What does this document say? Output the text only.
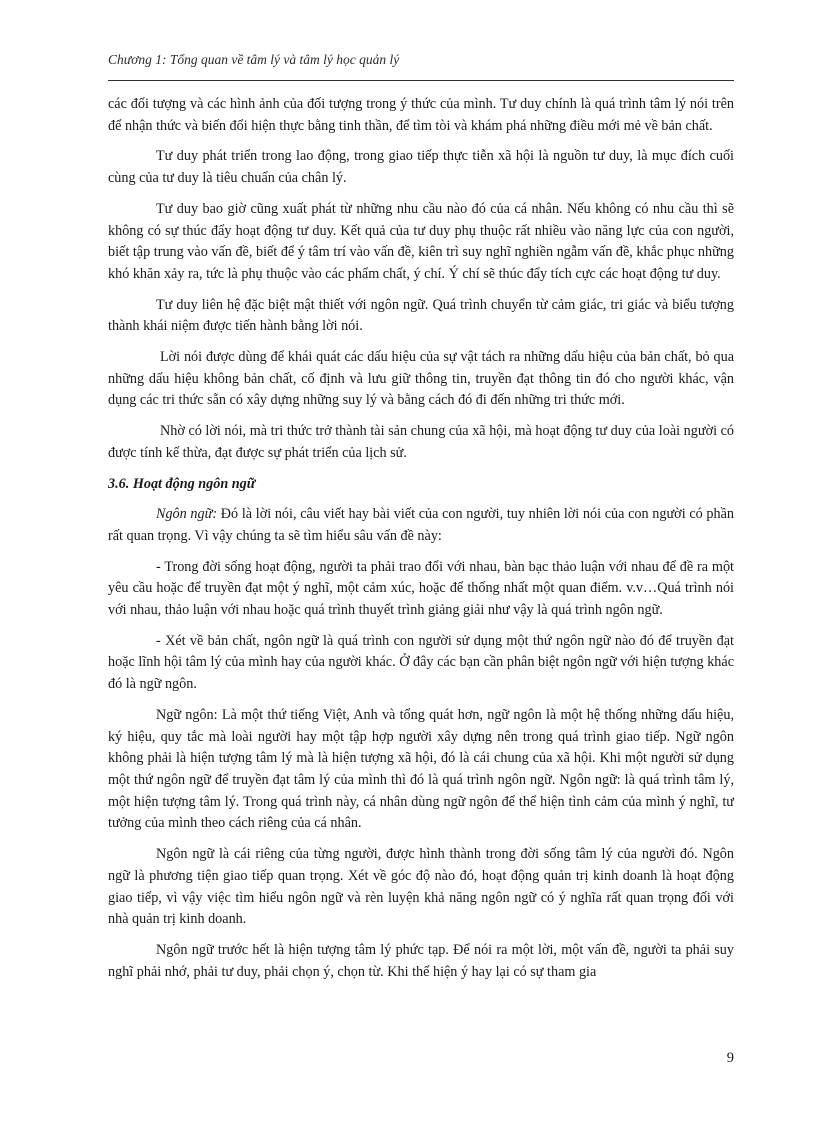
Chương 1: Tổng quan về tâm lý và tâm lý học quản lý

các đối tượng và các hình ảnh của đối tượng trong ý thức của mình. Tư duy chính là quá trình tâm lý nói trên để nhận thức và biến đổi hiện thực bằng tinh thần, để tìm tòi và khám phá những điều mới mẻ về bản chất.

Tư duy phát triển trong lao động, trong giao tiếp thực tiễn xã hội là nguồn tư duy, là mục đích cuối cùng của tư duy là tiêu chuẩn của chân lý.

Tư duy bao giờ cũng xuất phát từ những nhu cầu nào đó của cá nhân. Nếu không có nhu cầu thì sẽ không có sự thúc đẩy hoạt động tư duy. Kết quả của tư duy phụ thuộc rất nhiều vào năng lực của con người, biết tập trung vào vấn đề, biết để ý tâm trí vào vấn đề, kiên trì suy nghĩ nghiền ngẫm vấn đề, khắc phục những khó khăn xảy ra, tức là phụ thuộc vào các phẩm chất, ý chí. Ý chí sẽ thúc đẩy tích cực các hoạt động tư duy.

Tư duy liên hệ đặc biệt mật thiết với ngôn ngữ. Quá trình chuyển từ cảm giác, tri giác và biểu tượng thành khái niệm được tiến hành bằng lời nói.

Lời nói được dùng để khái quát các dấu hiệu của sự vật tách ra những dấu hiệu của bản chất, bỏ qua những dấu hiệu không bản chất, cố định và lưu giữ thông tin, truyền đạt thông tin đó cho người khác, vận dụng các tri thức sẵn có xây dựng những suy lý và bằng cách đó đi đến những tri thức mới.

Nhờ có lời nói, mà tri thức trở thành tài sản chung của xã hội, mà hoạt động tư duy của loài người có được tính kế thừa, đạt được sự phát triển của lịch sử.

3.6. Hoạt động ngôn ngữ

Ngôn ngữ: Đó là lời nói, câu viết hay bài viết của con người, tuy nhiên lời nói của con người có phần rất quan trọng. Vì vậy chúng ta sẽ tìm hiểu sâu vấn đề này:

- Trong đời sống hoạt động, người ta phải trao đổi với nhau, bàn bạc thảo luận với nhau để đề ra một yêu cầu hoặc để truyền đạt một ý nghĩ, một cảm xúc, hoặc để thống nhất một quan điểm. v.v…Quá trình nói với nhau, thảo luận với nhau hoặc quá trình thuyết trình giảng giải như vậy là quá trình ngôn ngữ.

- Xét về bản chất, ngôn ngữ là quá trình con người sử dụng một thứ ngôn ngữ nào đó để truyền đạt hoặc lĩnh hội tâm lý của mình hay của người khác. Ở đây các bạn cần phân biệt ngôn ngữ với hiện tượng khác đó là ngữ ngôn.

Ngữ ngôn: Là một thứ tiếng Việt, Anh và tổng quát hơn, ngữ ngôn là một hệ thống những dấu hiệu, ký hiệu, quy tắc mà loài người hay một tập hợp người xây dựng nên trong quá trình giao tiếp. Ngữ ngôn không phải là hiện tượng tâm lý mà là hiện tượng xã hội, đó là cái chung của xã hội. Khi một người sử dụng một thứ ngôn ngữ để truyền đạt tâm lý của mình thì đó là quá trình ngôn ngữ. Ngôn ngữ: là quá trình tâm lý, một hiện tượng tâm lý. Trong quá trình này, cá nhân dùng ngữ ngôn để thể hiện tình cảm của mình ý nghĩ, tư tưởng của mình theo cách riêng của cá nhân.

Ngôn ngữ là cái riêng của từng người, được hình thành trong đời sống tâm lý của người đó. Ngôn ngữ là phương tiện giao tiếp quan trọng. Xét về góc độ nào đó, hoạt động quản trị kinh doanh là hoạt động giao tiếp, vì vậy việc tìm hiểu ngôn ngữ và rèn luyện khả năng ngôn ngữ có ý nghĩa rất quan trọng đối với nhà quản trị kinh doanh.

Ngôn ngữ trước hết là hiện tượng tâm lý phức tạp. Để nói ra một lời, một vấn đề, người ta phải suy nghĩ phải nhớ, phải tư duy, phải chọn ý, chọn từ. Khi thể hiện ý hay lại có sự tham gia

9
